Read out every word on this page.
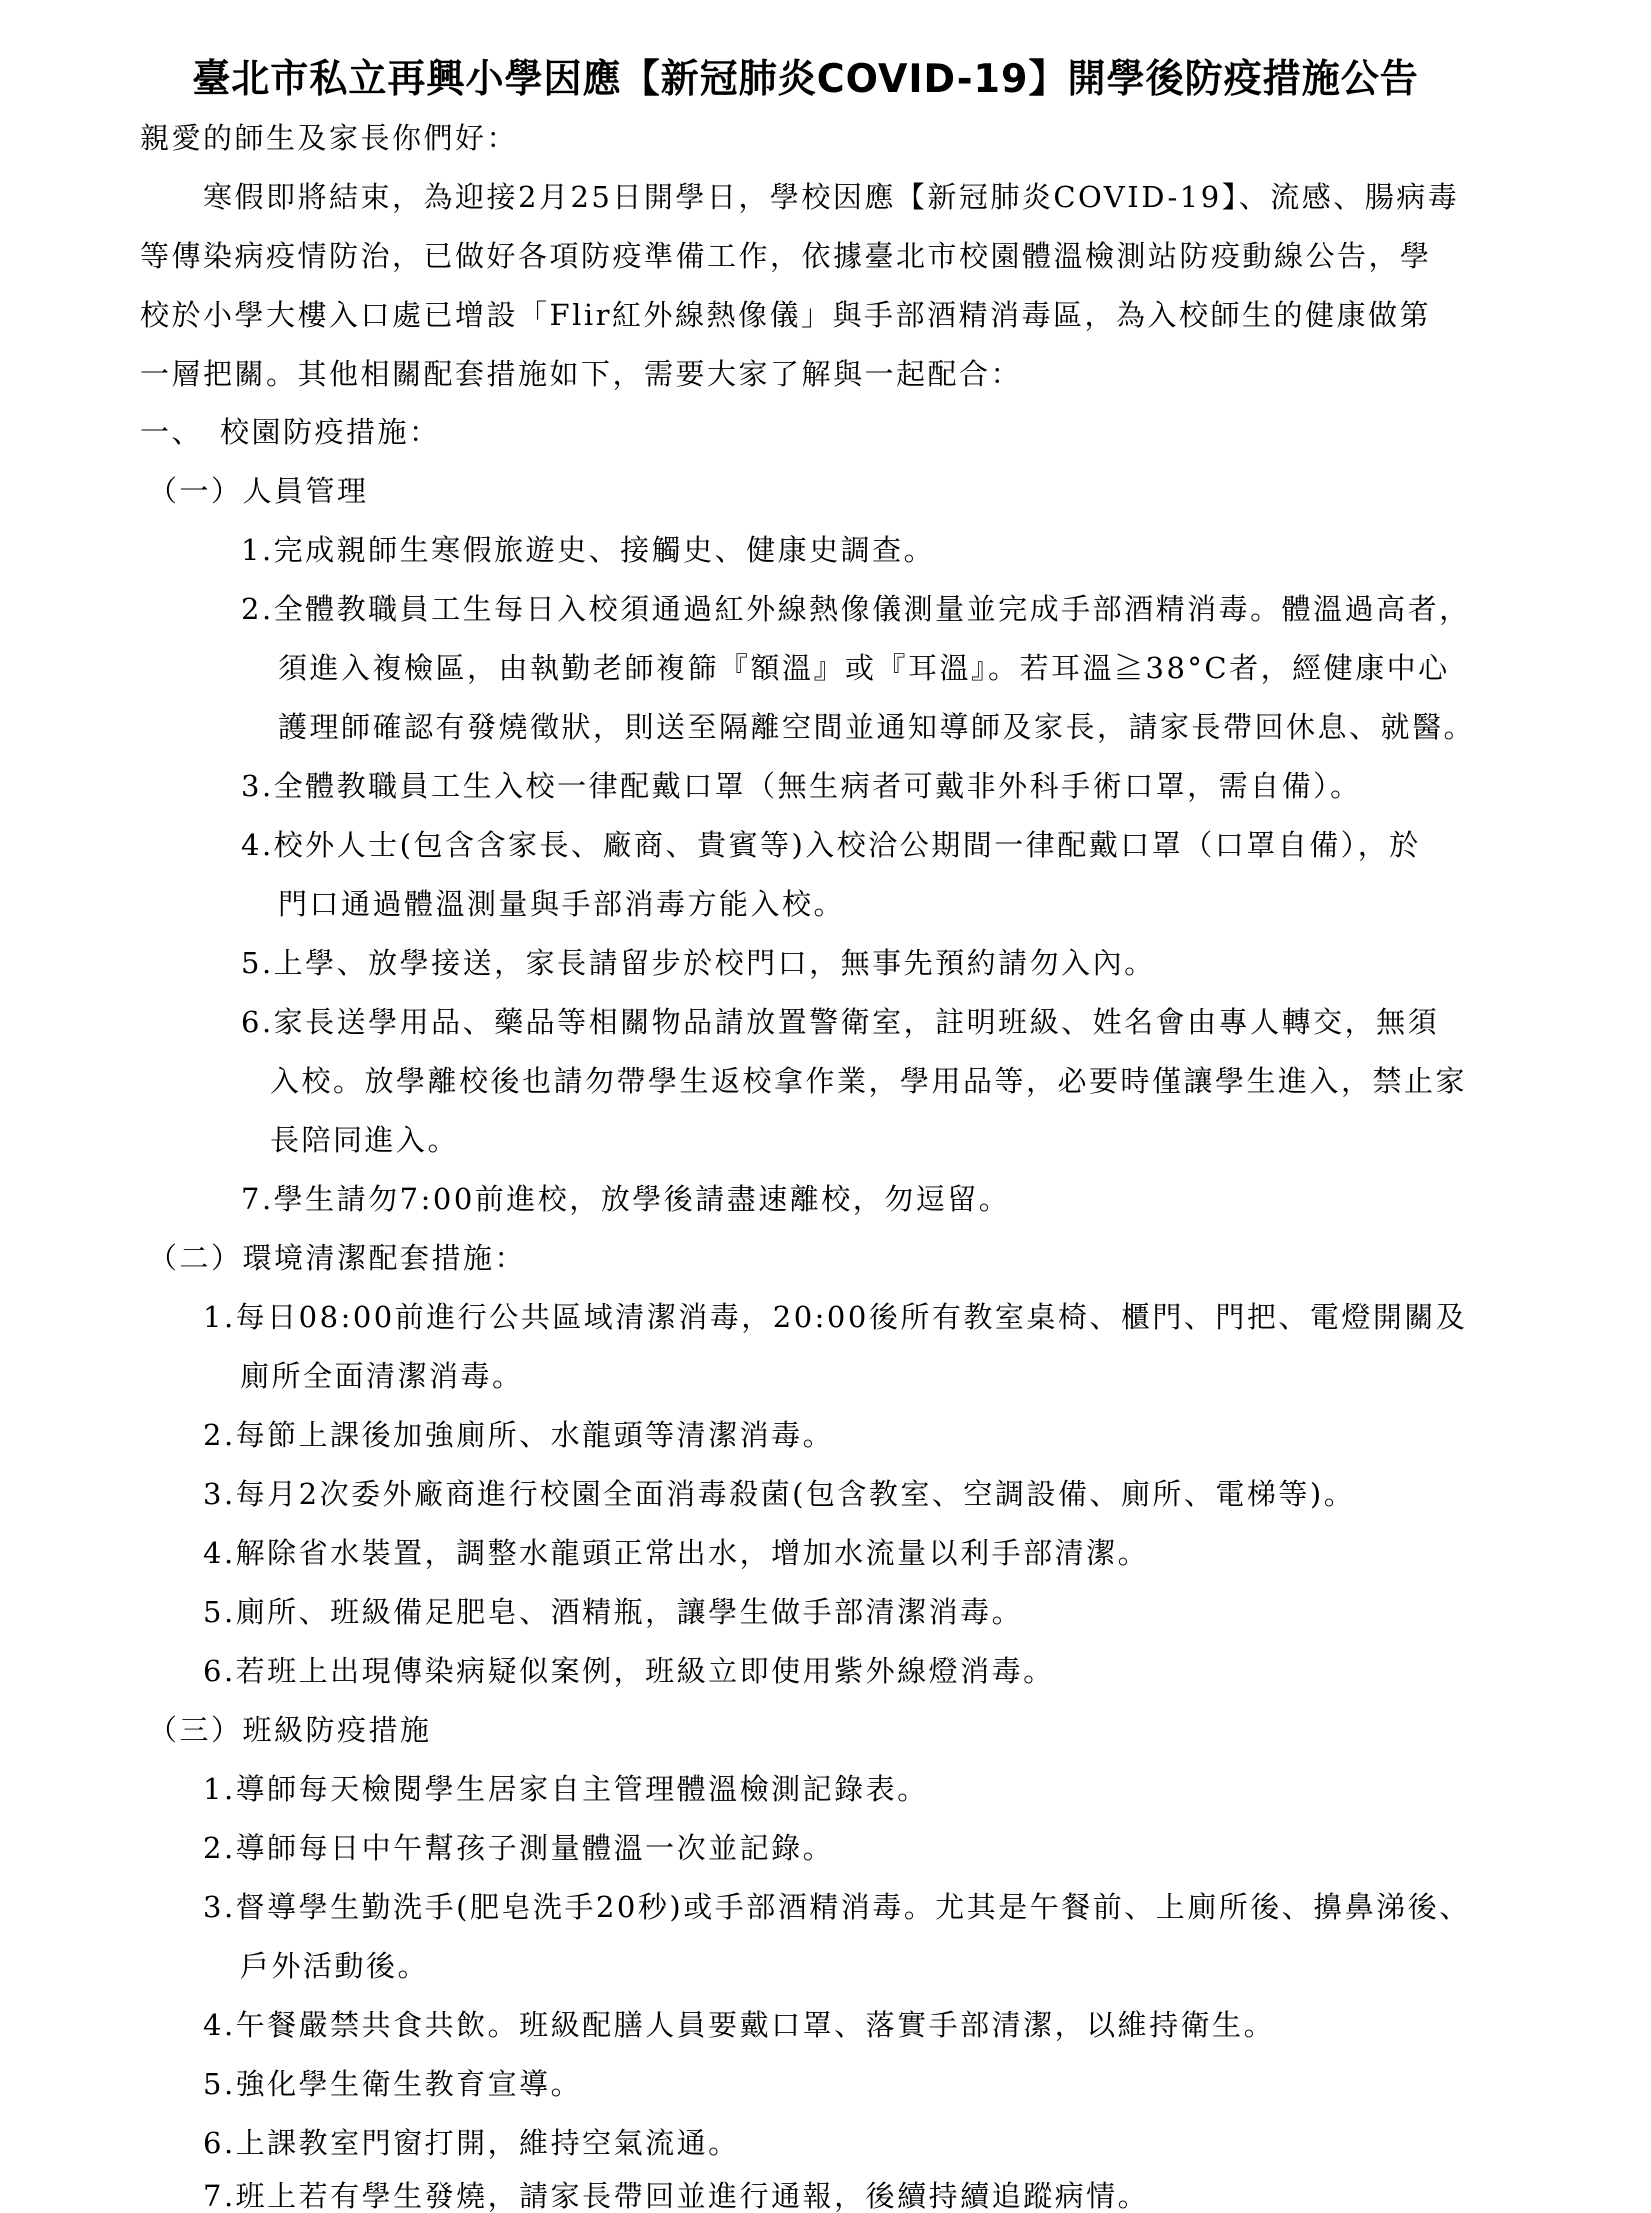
臺北市私立再興小學因應【新冠肺炎COVID-19】開學後防疫措施公告
親愛的師生及家長你們好：
寒假即將結束，為迎接2月25日開學日，學校因應【新冠肺炎COVID-19】、流感、腸病毒
等傳染病疫情防治，已做好各項防疫準備工作，依據臺北市校園體溫檢測站防疫動線公告，學
校於小學大樓入口處已增設「Flir紅外線熱像儀」與手部酒精消毒區，為入校師生的健康做第
一層把關。其他相關配套措施如下，需要大家了解與一起配合：
一、　校園防疫措施：
（一）人員管理
1.完成親師生寒假旅遊史、接觸史、健康史調查。
2.全體教職員工生每日入校須通過紅外線熱像儀測量並完成手部酒精消毒。體溫過高者，
須進入複檢區，由執勤老師複篩『額溫』或『耳溫』。若耳溫≧38°C者，經健康中心
護理師確認有發燒徵狀，則送至隔離空間並通知導師及家長，請家長帶回休息、就醫。
3.全體教職員工生入校一律配戴口罩（無生病者可戴非外科手術口罩，需自備）。
4.校外人士(包含含家長、廠商、貴賓等)入校洽公期間一律配戴口罩（口罩自備），於
門口通過體溫測量與手部消毒方能入校。
5.上學、放學接送，家長請留步於校門口，無事先預約請勿入內。
6.家長送學用品、藥品等相關物品請放置警衛室，註明班級、姓名會由專人轉交，無須
入校。放學離校後也請勿帶學生返校拿作業，學用品等，必要時僅讓學生進入，禁止家
長陪同進入。
7.學生請勿7:00前進校，放學後請盡速離校，勿逗留。
（二）環境清潔配套措施：
1.每日08:00前進行公共區域清潔消毒，20:00後所有教室桌椅、櫃門、門把、電燈開關及
廁所全面清潔消毒。
2.每節上課後加強廁所、水龍頭等清潔消毒。
3.每月2次委外廠商進行校園全面消毒殺菌(包含教室、空調設備、廁所、電梯等)。
4.解除省水裝置，調整水龍頭正常出水，增加水流量以利手部清潔。
5.廁所、班級備足肥皂、酒精瓶，讓學生做手部清潔消毒。
6.若班上出現傳染病疑似案例，班級立即使用紫外線燈消毒。
（三）班級防疫措施
1.導師每天檢閱學生居家自主管理體溫檢測記錄表。
2.導師每日中午幫孩子測量體溫一次並記錄。
3.督導學生勤洗手(肥皂洗手20秒)或手部酒精消毒。尤其是午餐前、上廁所後、擤鼻涕後、
戶外活動後。
4.午餐嚴禁共食共飲。班級配膳人員要戴口罩、落實手部清潔，以維持衛生。
5.強化學生衛生教育宣導。
6.上課教室門窗打開，維持空氣流通。
7.班上若有學生發燒，請家長帶回並進行通報，後續持續追蹤病情。
